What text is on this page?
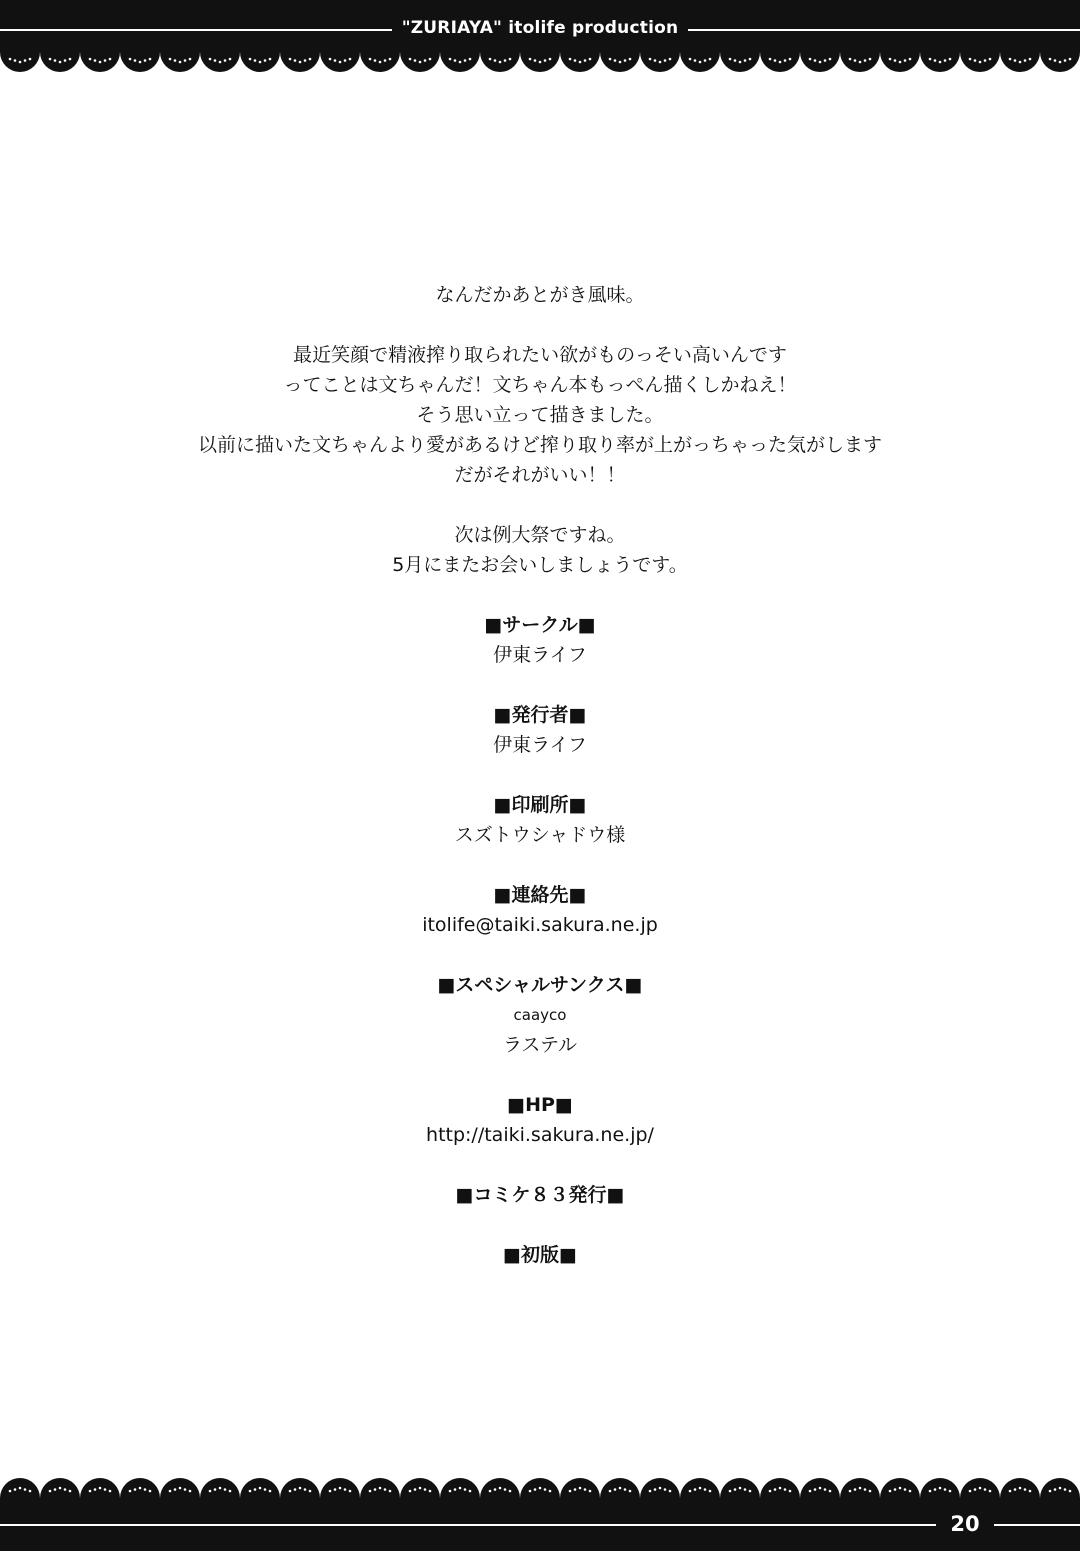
"ZURIAYA" itolife production
なんだかあとがき風味。
最近笑顔で精液搾り取られたい欲がものっそい高いんです
ってことは文ちゃんだ！文ちゃん本もっぺん描くしかねえ！
そう思い立って描きました。
以前に描いた文ちゃんより愛があるけど搾り取り率が上がっちゃった気がします
だがそれがいい！！
次は例大祭ですね。
5月にまたお会いしましょうです。
■サークル■
伊東ライフ
■発行者■
伊東ライフ
■印刷所■
スズトウシャドウ様
■連絡先■
itolife@taiki.sakura.ne.jp
■スペシャルサンクス■
caayco
ラステル
■HP■
http://taiki.sakura.ne.jp/
■コミケ８３発行■
■初版■
20
